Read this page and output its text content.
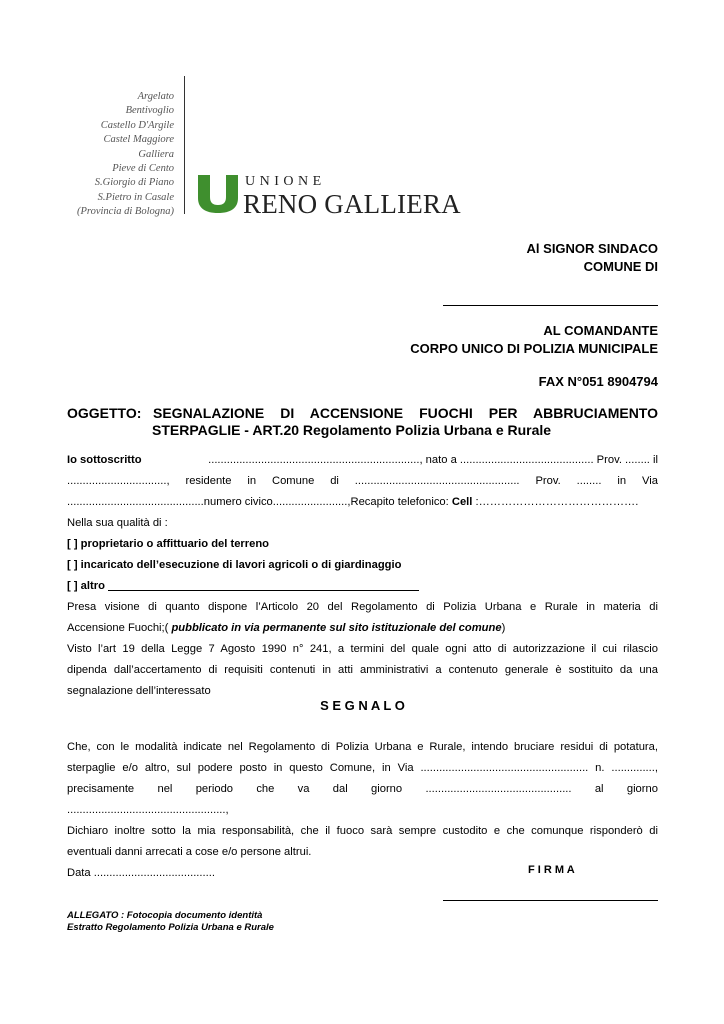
Argelato
Bentivoglio
Castello D'Argile
Castel Maggiore
Galliera
Pieve di Cento
S.Giorgio di Piano
S.Pietro in Casale
(Provincia di Bologna)
UNIONE
RENO GALLIERA
Al SIGNOR SINDACO
COMUNE DI
AL COMANDANTE
CORPO UNICO DI POLIZIA MUNICIPALE
FAX N°051 8904794
OGGETTO: SEGNALAZIONE DI ACCENSIONE FUOCHI PER ABBRUCIAMENTO
STERPAGLIE - ART.20 Regolamento Polizia Urbana e Rurale
Io sottoscritto	...................................................................., nato a ........................................... Prov. ........ il
................................, residente in Comune di ..................................................... Prov. ........ in Via
............................................numero civico........................,Recapito telefonico: Cell :…………………………………….
Nella sua qualità di :
[ ] proprietario o affittuario del terreno
[ ] incaricato dell’esecuzione di lavori agricoli o di giardinaggio
[ ] altro
Presa visione di quanto dispone l’Articolo 20 del Regolamento di Polizia Urbana e Rurale in materia di
Accensione Fuochi;( pubblicato in via permanente sul sito istituzionale del comune)
Visto l’art 19 della Legge 7 Agosto 1990 n° 241, a termini del quale ogni atto di autorizzazione il cui rilascio
dipenda dall’accertamento di requisiti contenuti in atti amministrativi a contenuto generale è sostituito da una
segnalazione dell’interessato
S E G N A L O
Che, con le modalità indicate nel Regolamento di Polizia Urbana e Rurale, intendo bruciare residui di potatura,
sterpaglie e/o altro, sul podere posto in questo Comune, in Via ...................................................... n. ..............,
precisamente nel periodo che va dal giorno ............................................... al giorno
...................................................,
Dichiaro inoltre sotto la mia responsabilità, che il fuoco sarà sempre custodito e che comunque risponderò di
eventuali danni arrecati a cose e/o persone altrui.
Data .......................................	F I R M A
ALLEGATO : Fotocopia documento identità
Estratto Regolamento Polizia Urbana e Rurale
